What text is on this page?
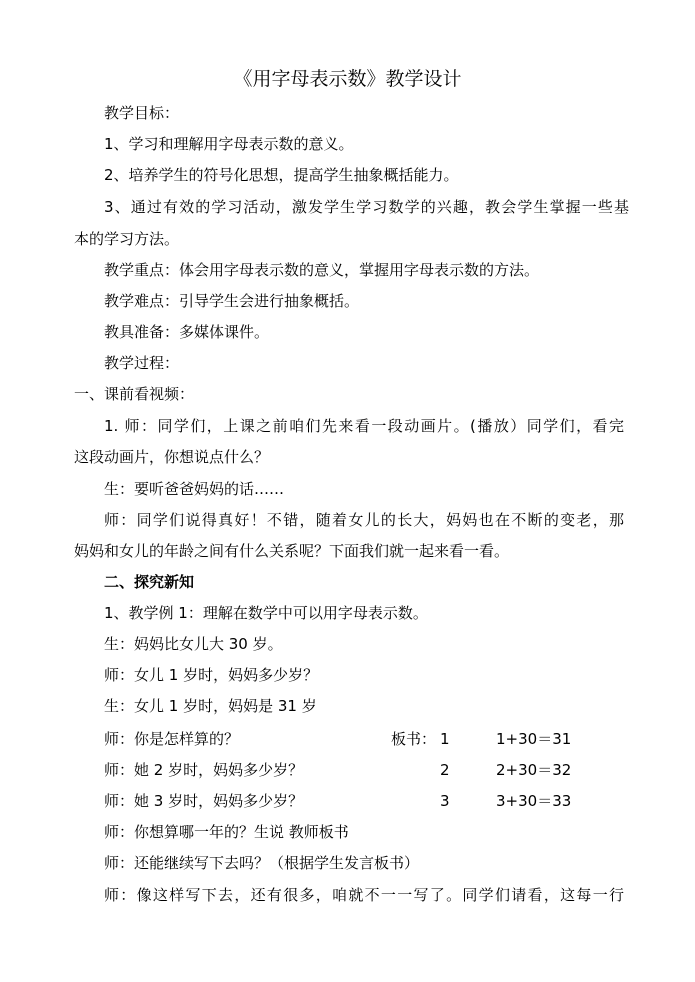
《用字母表示数》教学设计
教学目标：
1、学习和理解用字母表示数的意义。
2、培养学生的符号化思想，提高学生抽象概括能力。
3、通过有效的学习活动，激发学生学习数学的兴趣，教会学生掌握一些基
本的学习方法。
教学重点：体会用字母表示数的意义，掌握用字母表示数的方法。
教学难点：引导学生会进行抽象概括。
教具准备：多媒体课件。
教学过程：
一、课前看视频：
1. 师：同学们，上课之前咱们先来看一段动画片。(播放）同学们，看完
这段动画片，你想说点什么？
生：要听爸爸妈妈的话……
师：同学们说得真好！不错，随着女儿的长大，妈妈也在不断的变老，那
妈妈和女儿的年龄之间有什么关系呢？下面我们就一起来看一看。
二、探究新知
1、教学例 1：理解在数学中可以用字母表示数。
生：妈妈比女儿大 30 岁。
师：女儿 1 岁时，妈妈多少岁？
生：女儿 1 岁时，妈妈是 31 岁
师：你是怎样算的？	板书： 1	1+30＝31
师：她 2 岁时，妈妈多少岁？	2	2+30＝32
师：她 3 岁时，妈妈多少岁？	3	3+30＝33
师：你想算哪一年的？生说 教师板书
师：还能继续写下去吗？（根据学生发言板书）
师：像这样写下去，还有很多，咱就不一一写了。同学们请看，这每一行
